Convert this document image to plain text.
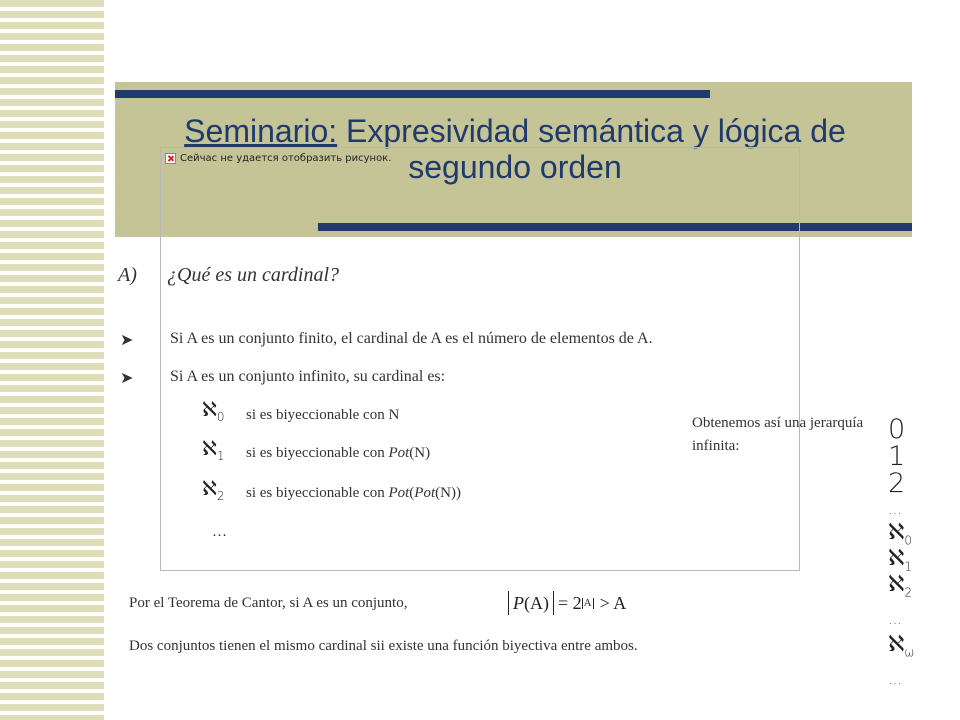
Seminario: Expresividad semántica y lógica de segundo orden
Сейчас не удается отобразить рисунок.
A) ¿Qué es un cardinal?
➤ Si A es un conjunto finito, el cardinal de A es el número de elementos de A.
➤ Si A es un conjunto infinito, su cardinal es:
ℵ$_0$ si es biyeccionable con N
ℵ$_1$ si es biyeccionable con Pot(N)
ℵ$_2$ si es biyeccionable con Pot(Pot(N))
…
Obtenemos así una jerarquía infinita:
0
1
2
…
ℵ$_0$
ℵ$_1$
ℵ$_2$
…
ℵ$_\omega$
…
Por el Teorema de Cantor, si A es un conjunto,	P(A) = 2 A > A
Dos conjuntos tienen el mismo cardinal sii existe una función biyectiva entre ambos.
